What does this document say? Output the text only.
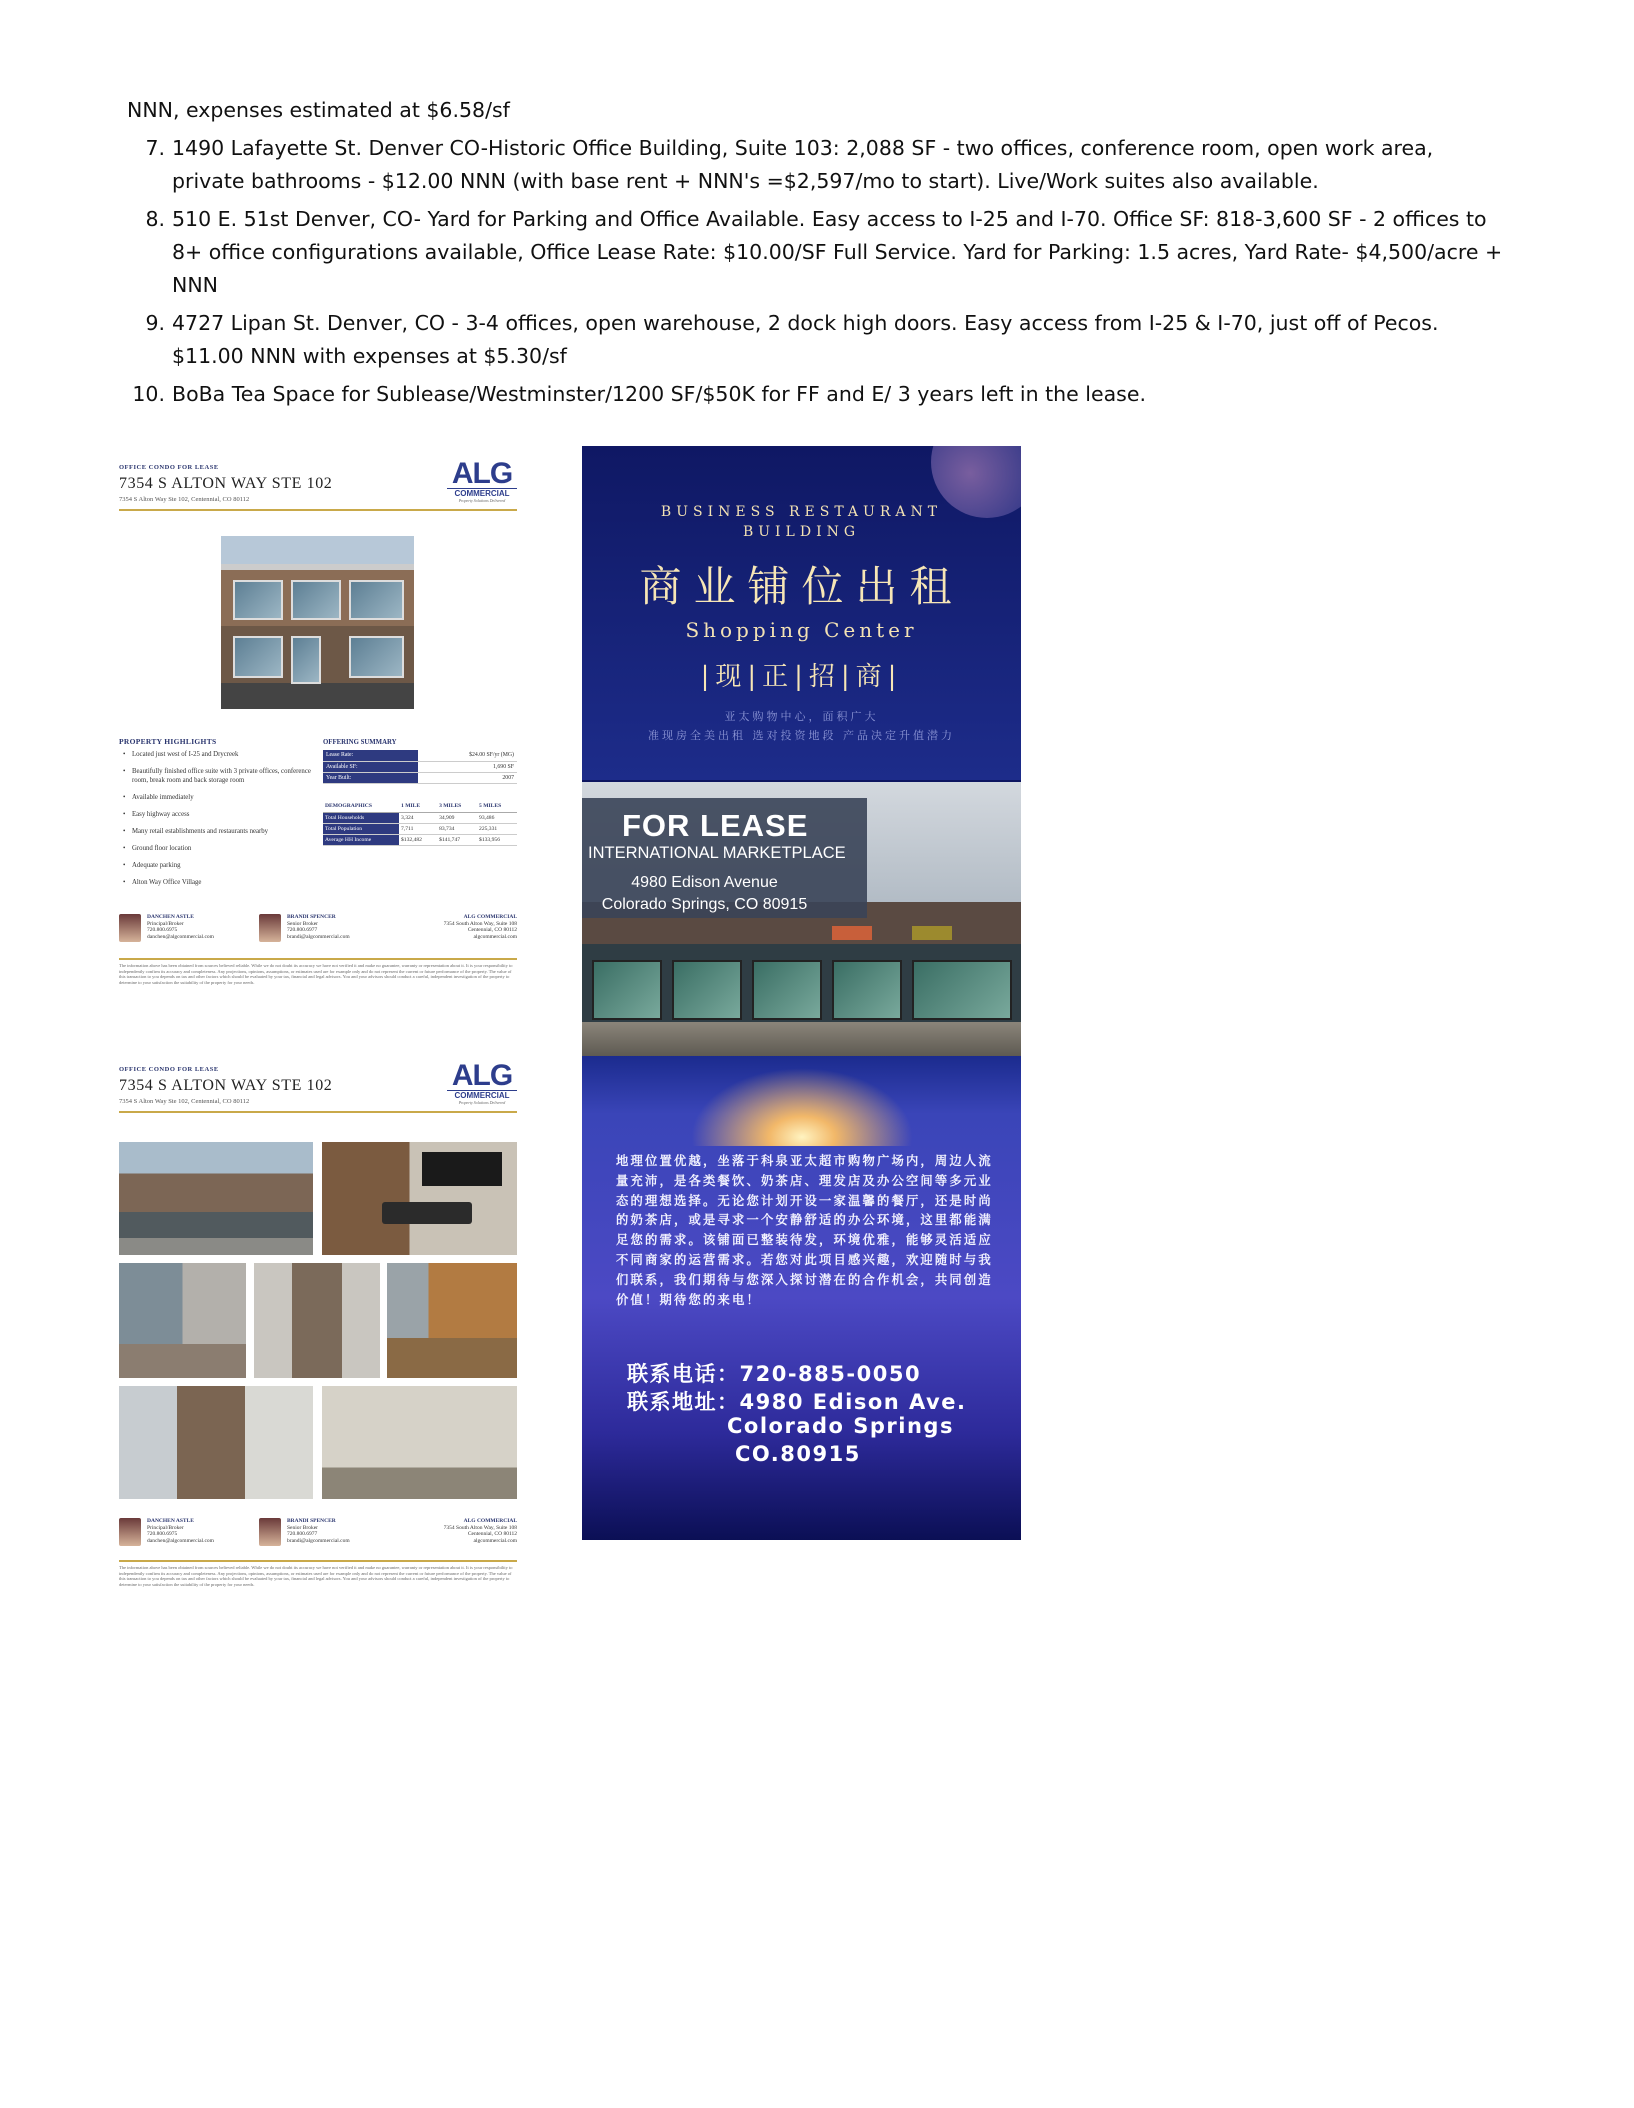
NNN, expenses estimated at $6.58/sf
7. 1490 Lafayette St. Denver CO-Historic Office Building, Suite 103: 2,088 SF - two offices, conference room, open work area, private bathrooms - $12.00 NNN (with base rent + NNN's =$2,597/mo to start). Live/Work suites also available.
8. 510 E. 51st Denver, CO- Yard for Parking and Office Available. Easy access to I-25 and I-70. Office SF: 818-3,600 SF - 2 offices to 8+ office configurations available, Office Lease Rate: $10.00/SF Full Service. Yard for Parking: 1.5 acres, Yard Rate- $4,500/acre + NNN
9. 4727 Lipan St. Denver, CO - 3-4 offices, open warehouse, 2 dock high doors. Easy access from I-25 & I-70, just off of Pecos. $11.00 NNN with expenses at $5.30/sf
10. BoBa Tea Space for Sublease/Westminster/1200 SF/$50K for FF and E/ 3 years left in the lease.
OFFICE CONDO FOR LEASE
7354 S ALTON WAY STE 102
7354 S Alton Way Ste 102, Centennial, CO 80112
ALG
COMMERCIAL
Property Solutions Delivered
PROPERTY HIGHLIGHTS
• Located just west of I-25 and Drycreek
• Beautifully finished office suite with 3 private offices, conference room, break room and back storage room
• Available immediately
• Easy highway access
• Many retail establishments and restaurants nearby
• Ground floor location
• Adequate parking
• Alton Way Office Village
OFFERING SUMMARY
Lease Rate:	$24.00 SF/yr (MG)
Available SF:	1,690 SF
Year Built:	2007
DEMOGRAPHICS	1 MILE	3 MILES	5 MILES
Total Households	3,324	34,909	93,486
Total Population	7,711	83,734	225,331
Average HH Income	$132,482	$141,747	$133,956
DANCHEN ASTLE
Principal/Broker
720.800.6975
danchen@algcommercial.com
BRANDI SPENCER
Senior Broker
720.800.6977
brandi@algcommercial.com
ALG COMMERCIAL
7354 South Alton Way, Suite 108
Centennial, CO 80112
algcommercial.com
The information above has been obtained from sources believed reliable. While we do not doubt its accuracy we have not verified it and make no guarantee, warranty or representation about it. It is your responsibility to independently confirm its accuracy and completeness. Any projections, opinions, assumptions, or estimates used are for example only and do not represent the current or future performance of the property. The value of this transaction to you depends on tax and other factors which should be evaluated by your tax, financial and legal advisors. You and your advisors should conduct a careful, independent investigation of the property to determine to your satisfaction the suitability of the property for your needs.
OFFICE CONDO FOR LEASE
7354 S ALTON WAY STE 102
7354 S Alton Way Ste 102, Centennial, CO 80112
ALG
COMMERCIAL
Property Solutions Delivered
DANCHEN ASTLE
Principal/Broker
720.800.6975
danchen@algcommercial.com
BRANDI SPENCER
Senior Broker
720.800.6977
brandi@algcommercial.com
ALG COMMERCIAL
7354 South Alton Way, Suite 108
Centennial, CO 80112
algcommercial.com
The information above has been obtained from sources believed reliable. While we do not doubt its accuracy we have not verified it and make no guarantee, warranty or representation about it. It is your responsibility to independently confirm its accuracy and completeness. Any projections, opinions, assumptions, or estimates used are for example only and do not represent the current or future performance of the property. The value of this transaction to you depends on tax and other factors which should be evaluated by your tax, financial and legal advisors. You and your advisors should conduct a careful, independent investigation of the property to determine to your satisfaction the suitability of the property for your needs.
BUSINESS RESTAURANT
BUILDING
商业铺位出租
Shopping Center
|现|正|招|商|
亚太购物中心，面积广大
准现房全美出租 选对投资地段 产品决定升值潜力
FOR LEASE
INTERNATIONAL MARKETPLACE
4980 Edison Avenue
Colorado Springs, CO 80915
地理位置优越，坐落于科泉亚太超市购物广场内，周边人流量充沛，是各类餐饮、奶茶店、理发店及办公空间等多元业态的理想选择。无论您计划开设一家温馨的餐厅，还是时尚的奶茶店，或是寻求一个安静舒适的办公环境，这里都能满足您的需求。该铺面已整装待发，环境优雅，能够灵活适应不同商家的运营需求。若您对此项目感兴趣，欢迎随时与我们联系，我们期待与您深入探讨潜在的合作机会，共同创造价值！期待您的来电！
联系电话：720-885-0050
联系地址：4980 Edison Ave.
Colorado Springs
CO.80915
